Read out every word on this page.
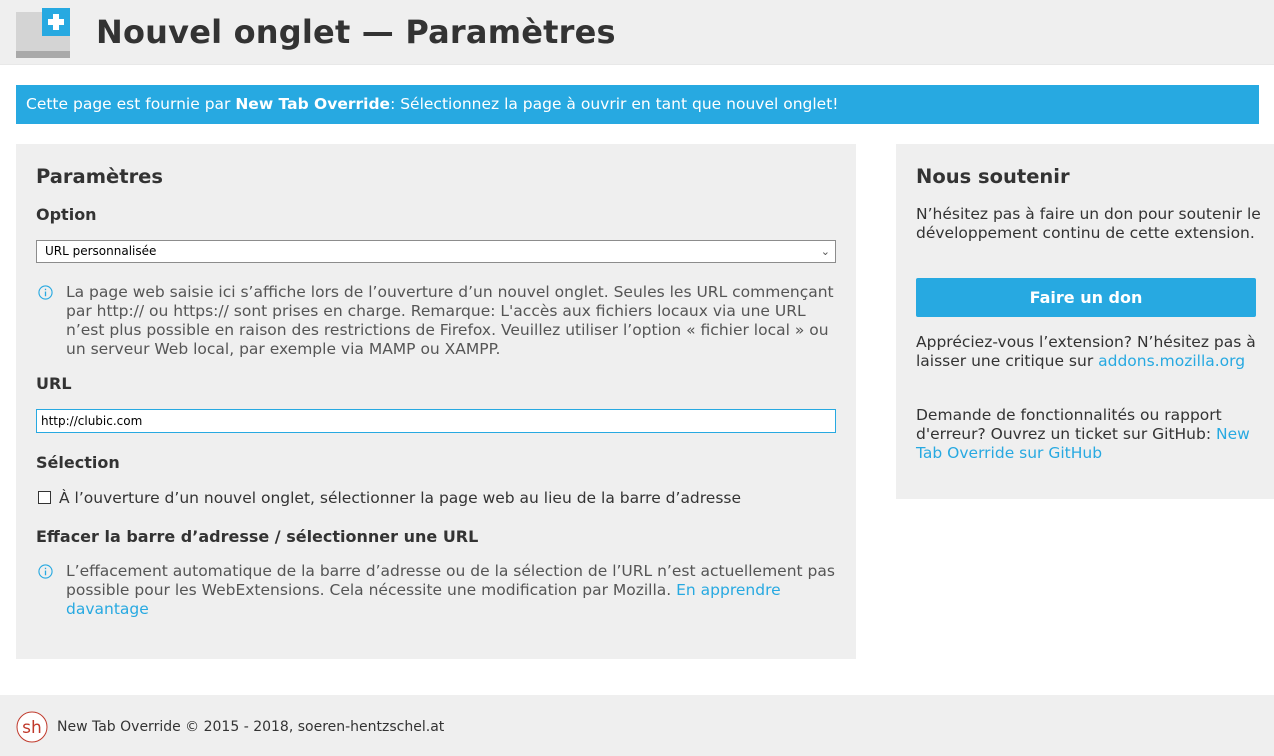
Nouvel onglet — Paramètres
Cette page est fournie par New Tab Override: Sélectionnez la page à ouvrir en tant que nouvel onglet!
Paramètres
Option
URL personnalisée	⌄
La page web saisie ici s’affiche lors de l’ouverture d’un nouvel onglet. Seules les URL commençant par http:// ou https:// sont prises en charge. Remarque: L'accès aux fichiers locaux via une URL n’est plus possible en raison des restrictions de Firefox. Veuillez utiliser l’option « fichier local » ou un serveur Web local, par exemple via MAMP ou XAMPP.
URL
http://clubic.com
Sélection
À l’ouverture d’un nouvel onglet, sélectionner la page web au lieu de la barre d’adresse
Effacer la barre d’adresse / sélectionner une URL
L’effacement automatique de la barre d’adresse ou de la sélection de l’URL n’est actuellement pas possible pour les WebExtensions. Cela nécessite une modification par Mozilla. En apprendre davantage
Nous soutenir
N’hésitez pas à faire un don pour soutenir le développement continu de cette extension.
Faire un don
Appréciez-vous l’extension? N’hésitez pas à laisser une critique sur addons.mozilla.org
Demande de fonctionnalités ou rapport d'erreur? Ouvrez un ticket sur GitHub: New Tab Override sur GitHub
sh New Tab Override © 2015 - 2018, soeren-hentzschel.at
